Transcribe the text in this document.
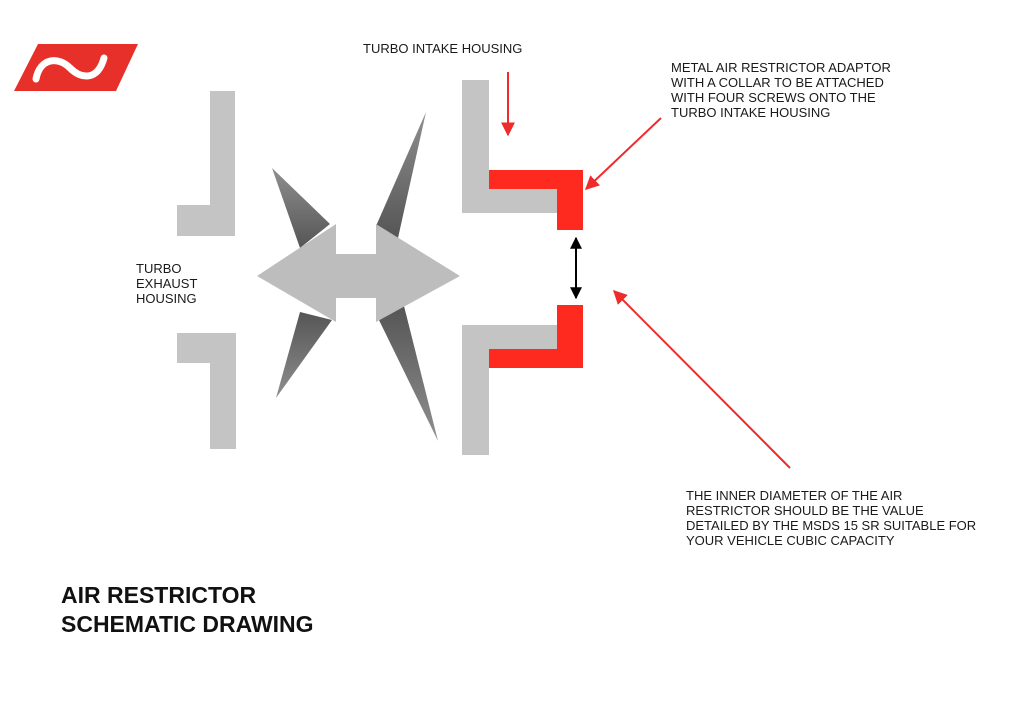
TURBO INTAKE HOUSING

METAL AIR RESTRICTOR ADAPTOR
WITH A COLLAR TO BE ATTACHED
WITH FOUR SCREWS ONTO THE
TURBO INTAKE HOUSING

TURBO
EXHAUST
HOUSING

THE INNER DIAMETER OF THE AIR
RESTRICTOR SHOULD BE THE VALUE
DETAILED BY THE MSDS 15 SR SUITABLE FOR
YOUR VEHICLE CUBIC CAPACITY

AIR RESTRICTOR
SCHEMATIC DRAWING
